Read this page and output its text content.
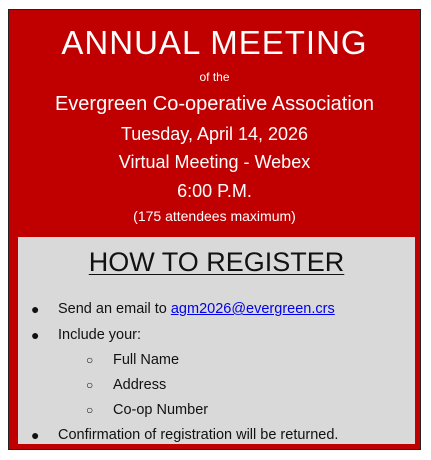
ANNUAL MEETING
of the
Evergreen Co-operative Association
Tuesday, April 14, 2026
Virtual Meeting - Webex
6:00 P.M.
(175 attendees maximum)
HOW TO REGISTER
● Send an email to agm2026@evergreen.crs
● Include your:
○ Full Name
○ Address
○ Co-op Number
● Confirmation of registration will be returned.
